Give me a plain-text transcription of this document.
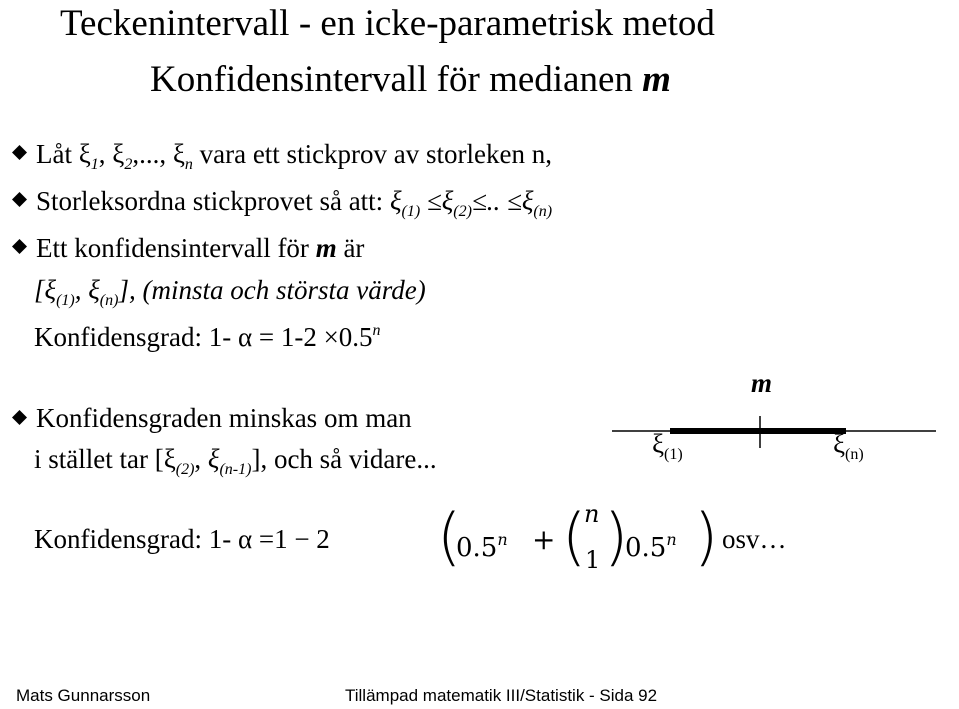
Teckenintervall - en icke-parametrisk metod
Konfidensintervall för medianen m
Låt $\xi_1$, $\xi_2$,..., $\xi_n$ vara ett stickprov av storleken n,
Storleksordna stickprovet så att: $\xi_{(1)} \le\xi_{(2)}\le$.. $\le\xi_{(n)}$
Ett konfidensintervall för m är
[$\xi_{(1)}$, $\xi_{(n)}$], (minsta och största värde)
Konfidensgrad: 1- $\alpha = 1-2 \times 0.5^n$
Konfidensgraden minskas om man
i stället tar [$\xi_{(2)}$, $\xi_{(n-1)}$], och så vidare...
m
$\xi_{(1)}$	$\xi_{(n)}$
Konfidensgrad: 1- α =1 − 2 (
$0.5^𝑛$ + (
n
1 )
$0.5^𝑛$ ) osv…
Mats Gunnarsson	Tillämpad matematik III/Statistik - Sida 92
